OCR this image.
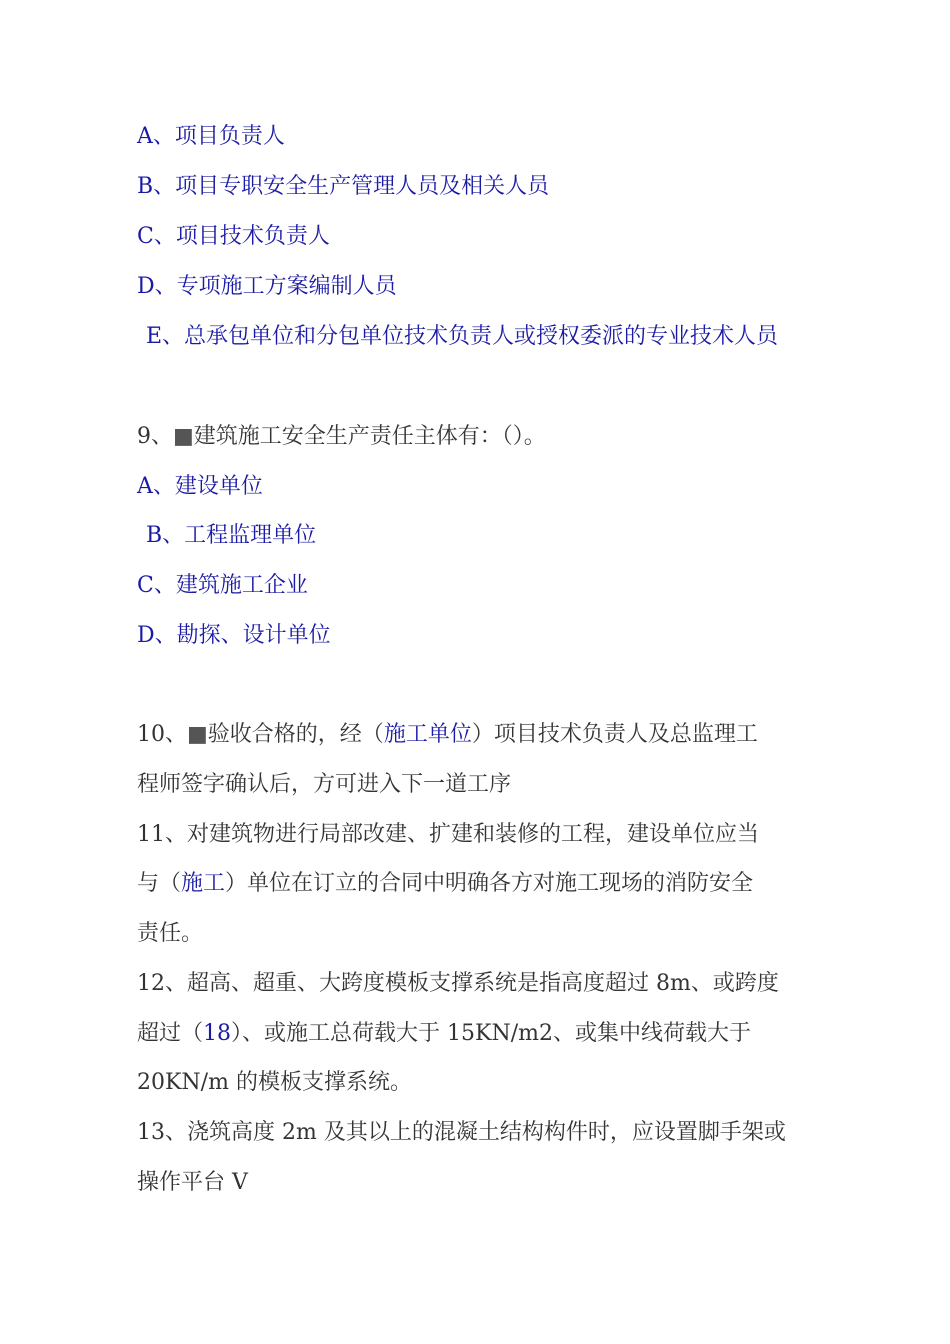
A、项目负责人
B、项目专职安全生产管理人员及相关人员
C、项目技术负责人
D、专项施工方案编制人员
E、总承包单位和分包单位技术负责人或授权委派的专业技术人员
9、■建筑施工安全生产责任主体有：（）。
A、建设单位
B、工程监理单位
C、建筑施工企业
D、勘探、设计单位
10、■验收合格的，经（施工单位）项目技术负责人及总监理工
程师签字确认后，方可进入下一道工序
11、对建筑物进行局部改建、扩建和装修的工程，建设单位应当
与（施工）单位在订立的合同中明确各方对施工现场的消防安全
责任。
12、超高、超重、大跨度模板支撑系统是指高度超过 8m、或跨度
超过（18）、或施工总荷载大于 15KN/m2、或集中线荷载大于
20KN/m 的模板支撑系统。
13、浇筑高度 2m 及其以上的混凝土结构构件时，应设置脚手架或
操作平台 V
